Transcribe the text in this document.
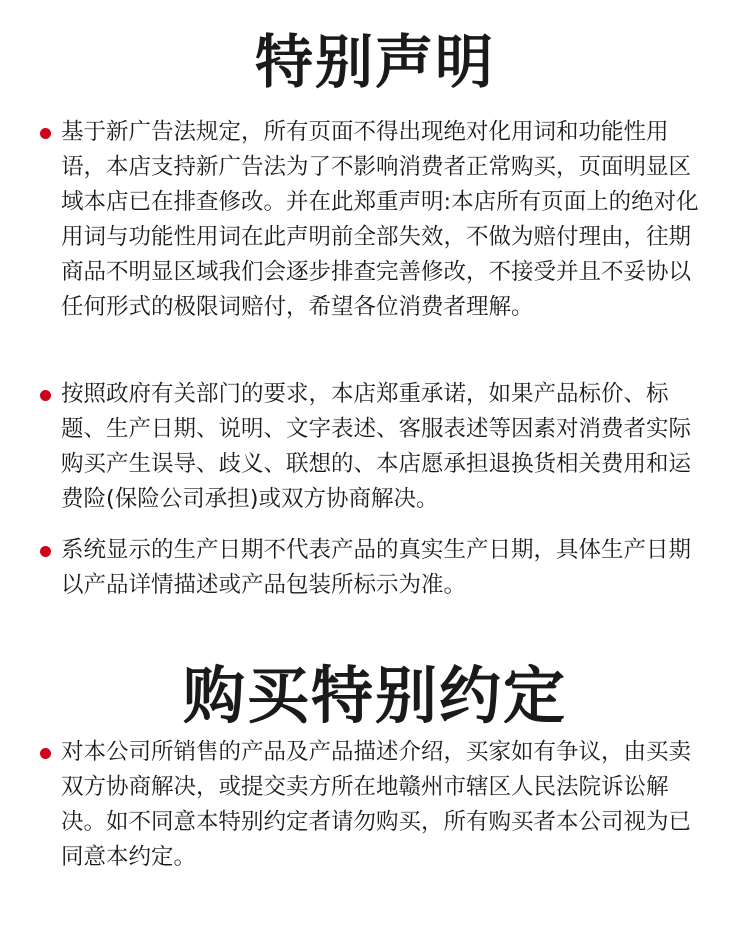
特别声明

基于新广告法规定，所有页面不得出现绝对化用词和功能性用语，本店支持新广告法为了不影响消费者正常购买，页面明显区域本店已在排查修改。并在此郑重声明:本店所有页面上的绝对化用词与功能性用词在此声明前全部失效，不做为赔付理由，往期商品不明显区域我们会逐步排查完善修改，不接受并且不妥协以任何形式的极限词赔付，希望各位消费者理解。

按照政府有关部门的要求，本店郑重承诺，如果产品标价、标题、生产日期、说明、文字表述、客服表述等因素对消费者实际购买产生误导、歧义、联想的、本店愿承担退换货相关费用和运费险(保险公司承担)或双方协商解决。

系统显示的生产日期不代表产品的真实生产日期，具体生产日期以产品详情描述或产品包装所标示为准。

购买特别约定

对本公司所销售的产品及产品描述介绍，买家如有争议，由买卖双方协商解决，或提交卖方所在地赣州市辖区人民法院诉讼解决。如不同意本特别约定者请勿购买，所有购买者本公司视为已同意本约定。
